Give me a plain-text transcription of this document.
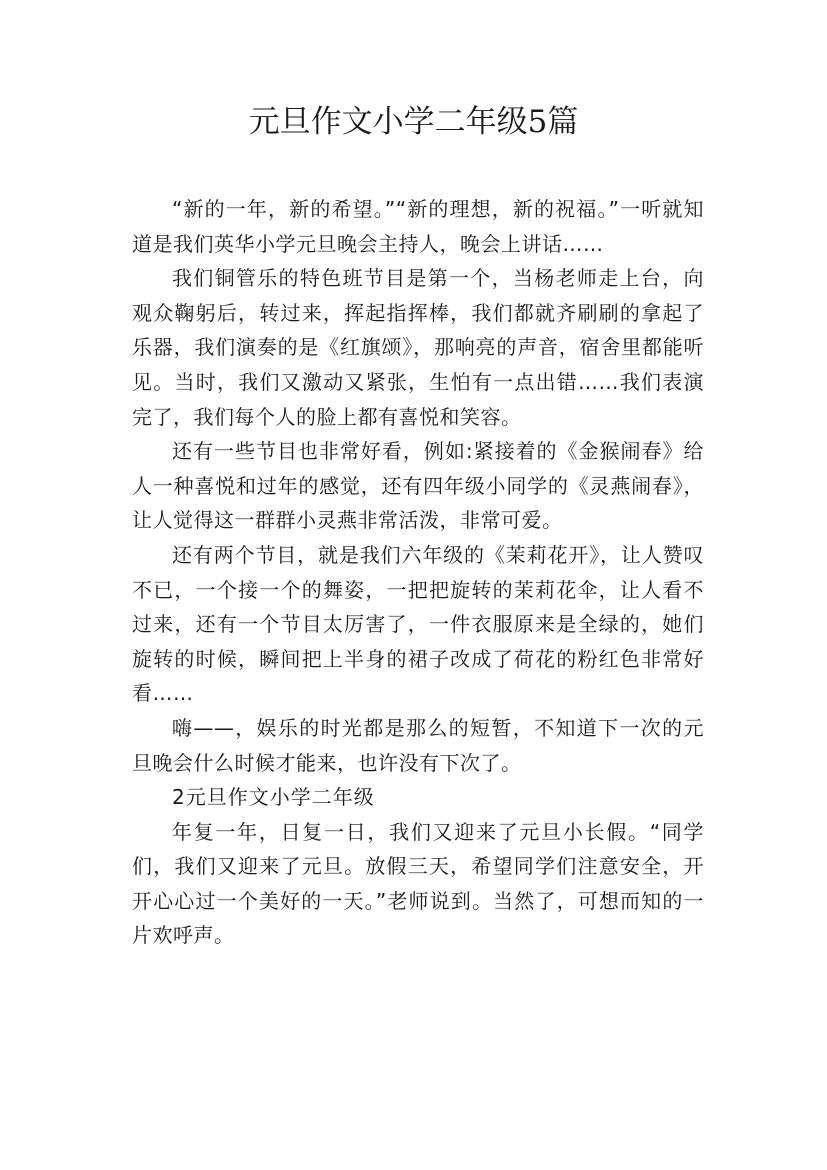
元旦作文小学二年级5篇

“新的一年，新的希望。”“新的理想，新的祝福。”一听就知道是我们英华小学元旦晚会主持人，晚会上讲话……

我们铜管乐的特色班节目是第一个，当杨老师走上台，向观众鞠躬后，转过来，挥起指挥棒，我们都就齐刷刷的拿起了乐器，我们演奏的是《红旗颂》，那响亮的声音，宿舍里都能听见。当时，我们又激动又紧张，生怕有一点出错……我们表演完了，我们每个人的脸上都有喜悦和笑容。

还有一些节目也非常好看，例如:紧接着的《金猴闹春》给人一种喜悦和过年的感觉，还有四年级小同学的《灵燕闹春》，让人觉得这一群群小灵燕非常活泼，非常可爱。

还有两个节目，就是我们六年级的《茉莉花开》，让人赞叹不已，一个接一个的舞姿，一把把旋转的茉莉花伞，让人看不过来，还有一个节目太厉害了，一件衣服原来是全绿的，她们旋转的时候，瞬间把上半身的裙子改成了荷花的粉红色非常好看……

嗨——，娱乐的时光都是那么的短暂，不知道下一次的元旦晚会什么时候才能来，也许没有下次了。

2元旦作文小学二年级

年复一年，日复一日，我们又迎来了元旦小长假。“同学们，我们又迎来了元旦。放假三天，希望同学们注意安全，开开心心过一个美好的一天。”老师说到。当然了，可想而知的一片欢呼声。
